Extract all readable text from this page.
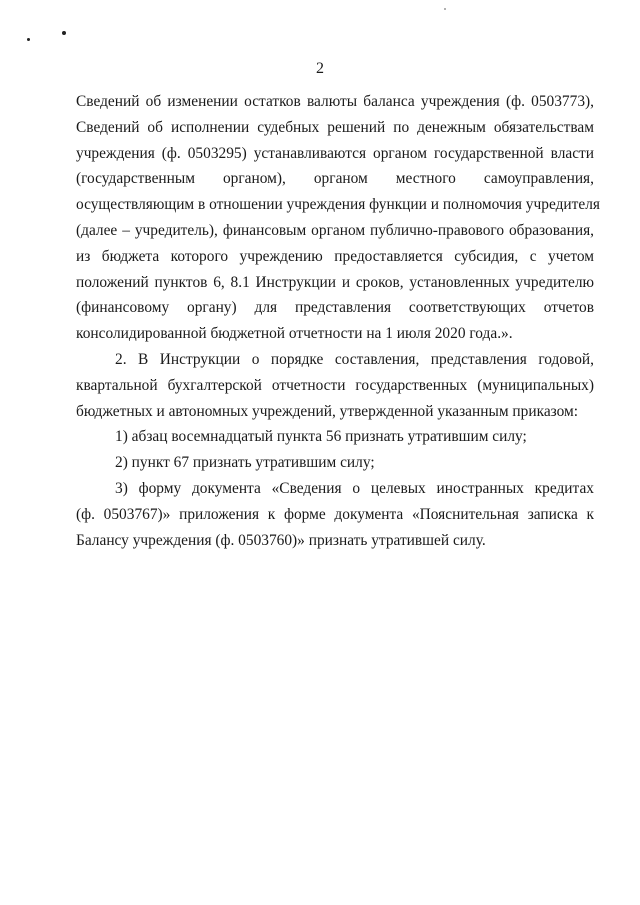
2
Сведений об изменении остатков валюты баланса учреждения (ф. 0503773),
Сведений об исполнении судебных решений по денежным обязательствам
учреждения (ф. 0503295) устанавливаются органом государственной власти
(государственным органом), органом местного самоуправления,
осуществляющим в отношении учреждения функции и полномочия учредителя
(далее – учредитель), финансовым органом публично-правового образования,
из бюджета которого учреждению предоставляется субсидия, с учетом
положений пунктов 6, 8.1 Инструкции и сроков, установленных учредителю
(финансовому органу) для представления соответствующих отчетов
консолидированной бюджетной отчетности на 1 июля 2020 года.».
2. В Инструкции о порядке составления, представления годовой,
квартальной бухгалтерской отчетности государственных (муниципальных)
бюджетных и автономных учреждений, утвержденной указанным приказом:
1) абзац восемнадцатый пункта 56 признать утратившим силу;
2) пункт 67 признать утратившим силу;
3) форму документа «Сведения о целевых иностранных кредитах
(ф. 0503767)» приложения к форме документа «Пояснительная записка к
Балансу учреждения (ф. 0503760)» признать утратившей силу.
